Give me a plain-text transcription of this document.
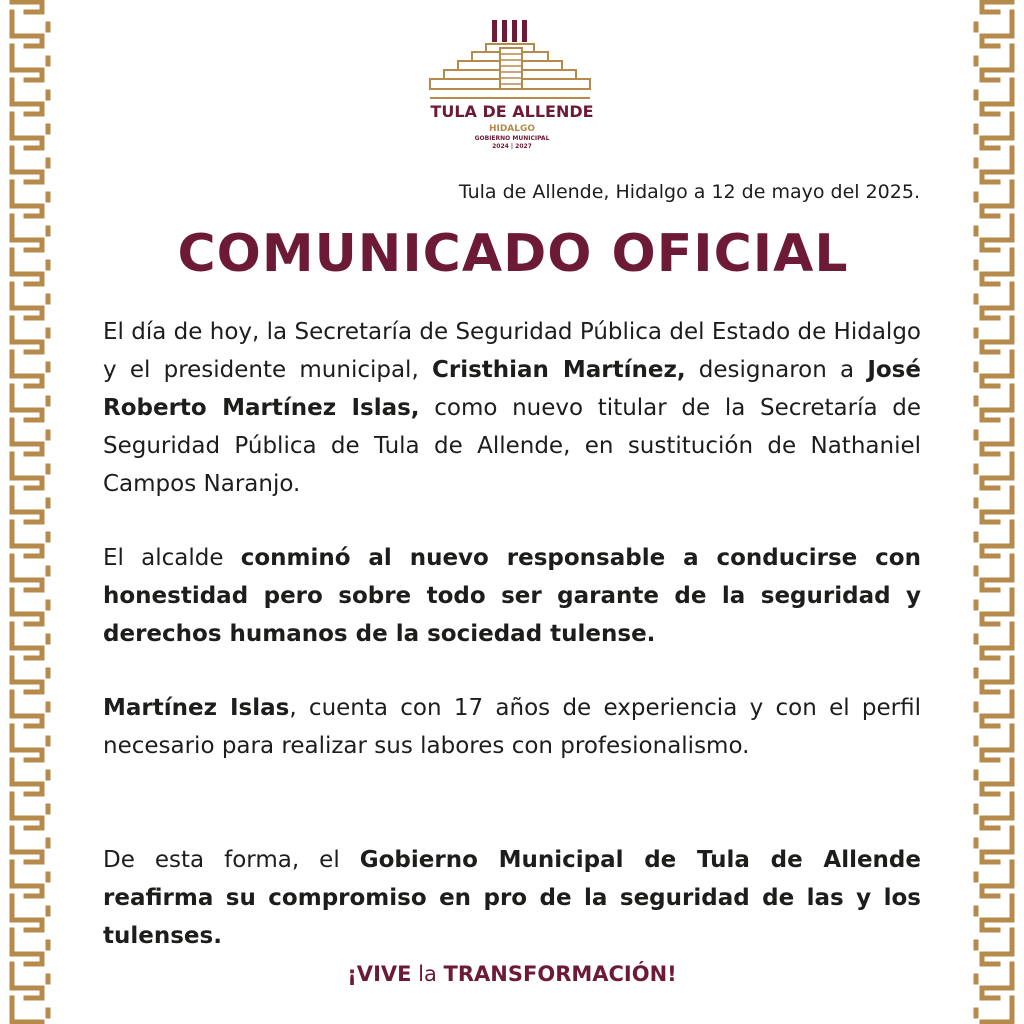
TULA DE ALLENDE
HIDALGO
GOBIERNO MUNICIPAL
2024 | 2027
Tula de Allende, Hidalgo a 12 de mayo del 2025.
COMUNICADO OFICIAL

El día de hoy, la Secretaría de Seguridad Pública del Estado de Hidalgo y el presidente municipal, Cristhian Martínez, designaron a José Roberto Martínez Islas, como nuevo titular de la Secretaría de Seguridad Pública de Tula de Allende, en sustitución de Nathaniel Campos Naranjo.

El alcalde conminó al nuevo responsable a conducirse con honestidad pero sobre todo ser garante de la seguridad y derechos humanos de la sociedad tulense.

Martínez Islas, cuenta con 17 años de experiencia y con el perfil necesario para realizar sus labores con profesionalismo.

De esta forma, el Gobierno Municipal de Tula de Allende reafirma su compromiso en pro de la seguridad de las y los tulenses.

¡VIVE la TRANSFORMACIÓN!
